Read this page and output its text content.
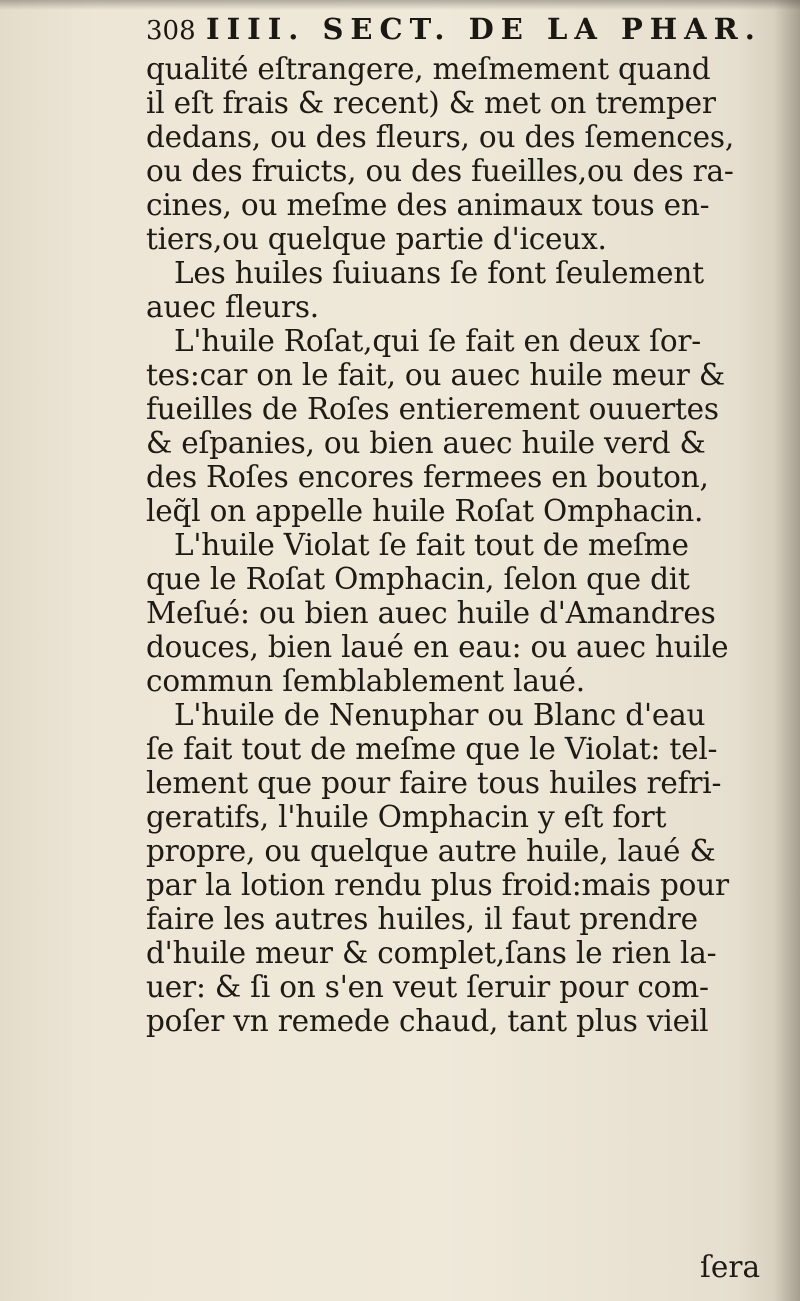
308 IIII. SECT. DE LA PHAR.
qualité eſtrangere, meſmement quand
il eſt frais & recent) & met on tremper
dedans, ou des fleurs, ou des ſemences,
ou des fruicts, ou des fueilles,ou des ra-
cines, ou meſme des animaux tous en-
tiers,ou quelque partie d'iceux.
Les huiles ſuiuans ſe font ſeulement
auec fleurs.
L'huile Roſat,qui ſe fait en deux ſor-
tes:car on le fait, ou auec huile meur &
fueilles de Roſes entierement ouuertes
& eſpanies, ou bien auec huile verd &
des Roſes encores fermees en bouton,
leq̃l on appelle huile Roſat Omphacin.
L'huile Violat ſe fait tout de meſme
que le Roſat Omphacin, ſelon que dit
Meſué: ou bien auec huile d'Amandres
douces, bien laué en eau: ou auec huile
commun ſemblablement laué.
L'huile de Nenuphar ou Blanc d'eau
ſe fait tout de meſme que le Violat: tel-
lement que pour faire tous huiles refri-
geratifs, l'huile Omphacin y eſt fort
propre, ou quelque autre huile, laué &
par la lotion rendu plus froid:mais pour
faire les autres huiles, il faut prendre
d'huile meur & complet,ſans le rien la-
uer: & ſi on s'en veut ſeruir pour com-
poſer vn remede chaud, tant plus vieil
ſera
